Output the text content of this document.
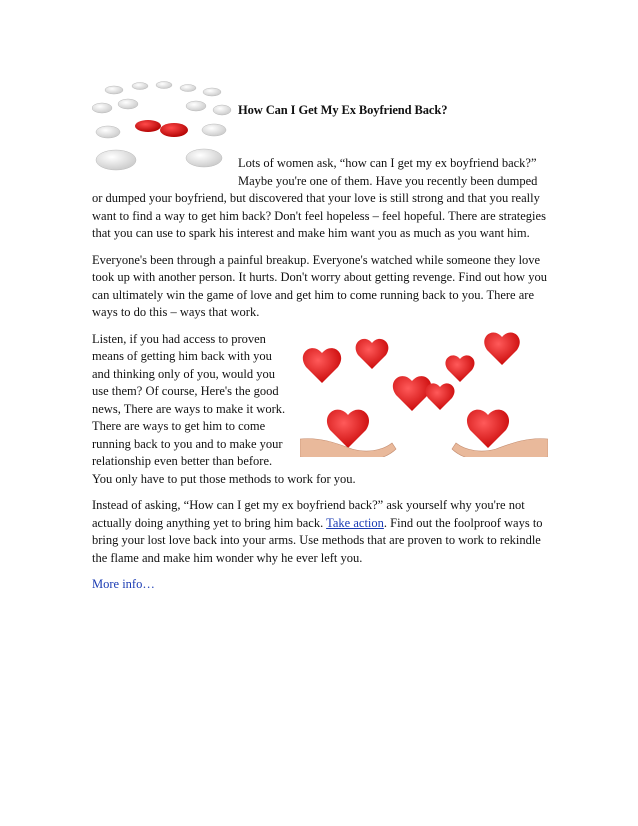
How Can I Get My Ex Boyfriend Back?
Lots of women ask, “how can I get my ex boyfriend back?”
Maybe you're one of them. Have you recently been dumped

or dumped your boyfriend, but discovered that your love is still strong and that you really want to find a way to get him back? Don't feel hopeless – feel hopeful. There are strategies that you can use to spark his interest and make him want you as much as you want him.

Everyone's been through a painful breakup. Everyone's watched while someone they love took up with another person. It hurts. Don't worry about getting revenge. Find out how you can ultimately win the game of love and get him to come running back to you. There are ways to do this – ways that work.

Listen, if you had access to proven means of getting him back with you and thinking only of you, would you use them? Of course, Here's the good news, There are ways to make it work. There are ways to get him to come running back to you and to make your relationship even better than before. You only have to put those methods to work for you.

Instead of asking, “How can I get my ex boyfriend back?” ask yourself why you're not actually doing anything yet to bring him back. Take action. Find out the foolproof ways to bring your lost love back into your arms. Use methods that are proven to work to rekindle the flame and make him wonder why he ever left you.

More info…
